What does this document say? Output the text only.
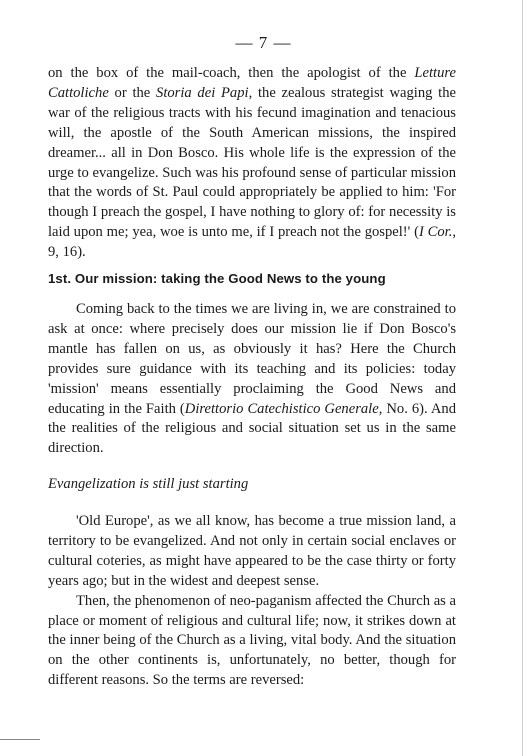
— 7 —

on the box of the mail-coach, then the apologist of the Letture Cattoliche or the Storia dei Papi, the zealous strategist waging the war of the religious tracts with his fecund imagination and tenacious will, the apostle of the South American missions, the inspired dreamer... all in Don Bosco. His whole life is the expression of the urge to evangelize. Such was his profound sense of particular mission that the words of St. Paul could appropriately be applied to him: 'For though I preach the gospel, I have nothing to glory of: for necessity is laid upon me; yea, woe is unto me, if I preach not the gospel!' (I Cor., 9, 16).

1st. Our mission: taking the Good News to the young

Coming back to the times we are living in, we are constrained to ask at once: where precisely does our mission lie if Don Bosco's mantle has fallen on us, as obviously it has? Here the Church provides sure guidance with its teaching and its policies: today 'mission' means essentially proclaiming the Good News and educating in the Faith (Direttorio Catechistico Generale, No. 6). And the realities of the religious and social situation set us in the same direction.

Evangelization is still just starting

'Old Europe', as we all know, has become a true mission land, a territory to be evangelized. And not only in certain social enclaves or cultural coteries, as might have appeared to be the case thirty or forty years ago; but in the widest and deepest sense.

Then, the phenomenon of neo-paganism affected the Church as a place or moment of religious and cultural life; now, it strikes down at the inner being of the Church as a living, vital body. And the situation on the other continents is, unfortunately, no better, though for different reasons. So the terms are reversed:
